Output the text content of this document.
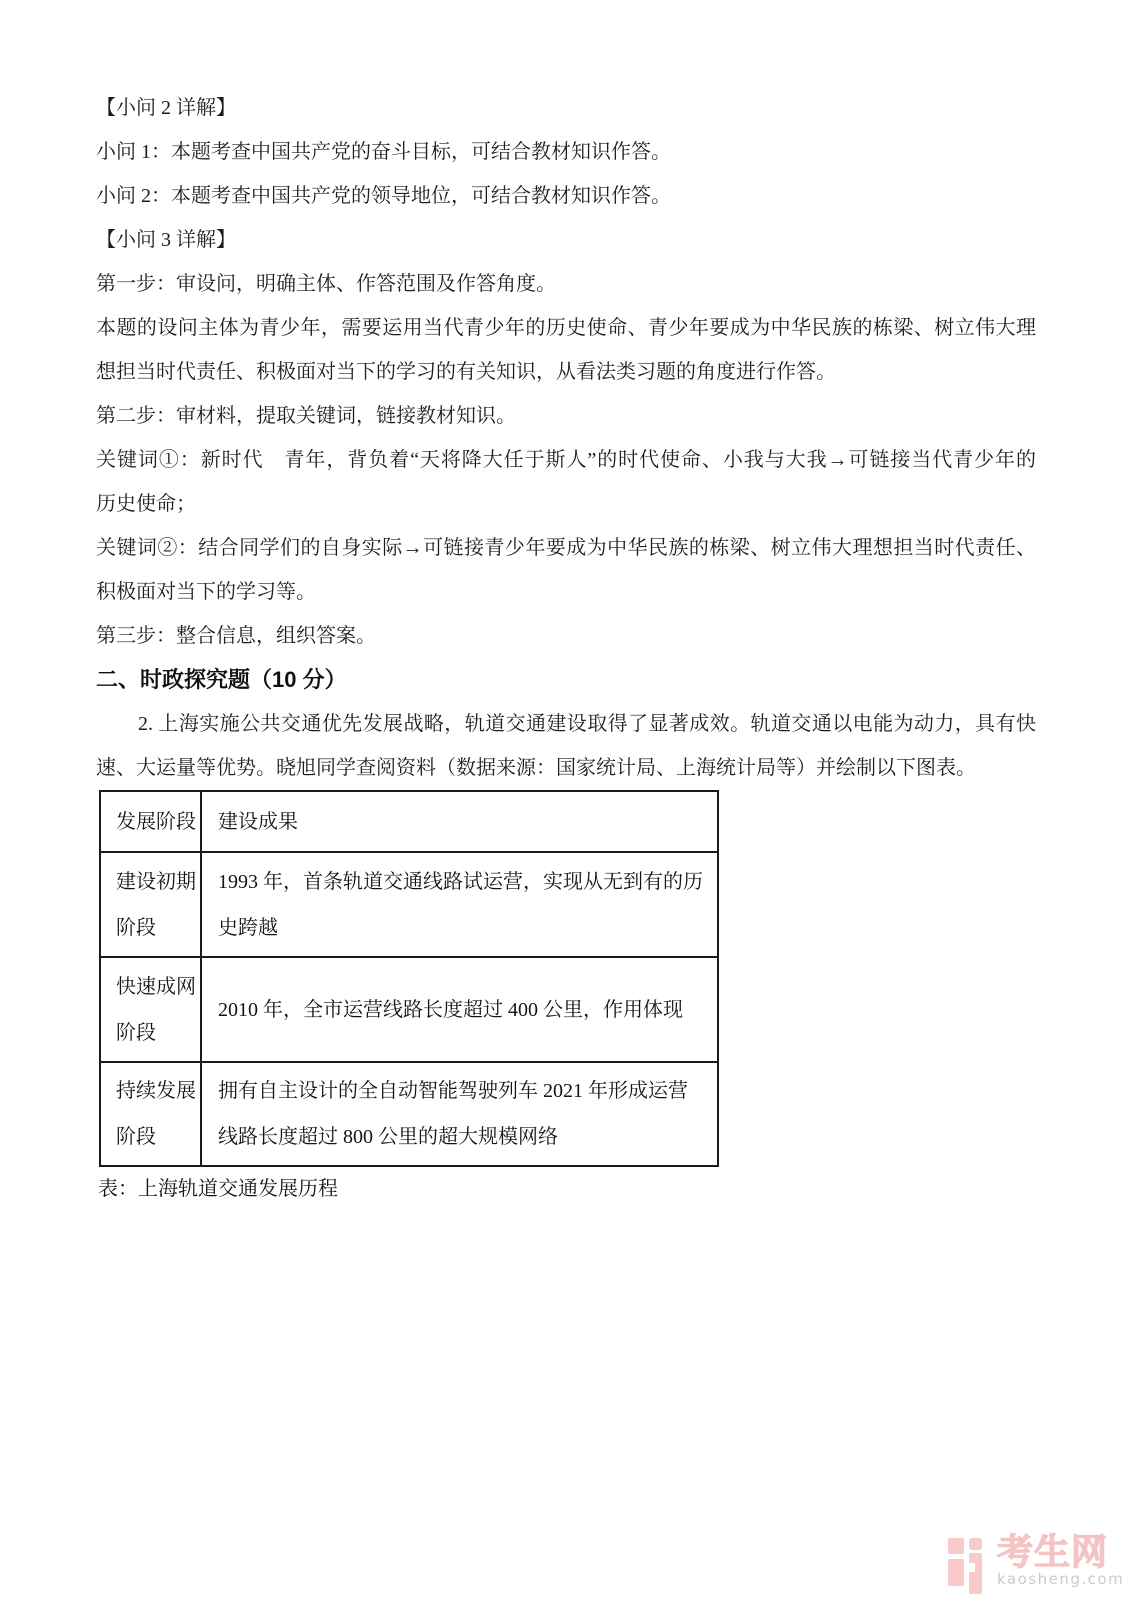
【小问 2 详解】
小问 1：本题考查中国共产党的奋斗目标，可结合教材知识作答。
小问 2：本题考查中国共产党的领导地位，可结合教材知识作答。
【小问 3 详解】
第一步：审设问，明确主体、作答范围及作答角度。
本题的设问主体为青少年，需要运用当代青少年的历史使命、青少年要成为中华民族的栋梁、树立伟大理
想担当时代责任、积极面对当下的学习的有关知识，从看法类习题的角度进行作答。
第二步：审材料，提取关键词，链接教材知识。
关键词①：新时代　青年，背负着“天将降大任于斯人”的时代使命、小我与大我→可链接当代青少年的
历史使命；
关键词②：结合同学们的自身实际→可链接青少年要成为中华民族的栋梁、树立伟大理想担当时代责任、
积极面对当下的学习等。
第三步：整合信息，组织答案。
二、时政探究题（10 分）
2. 上海实施公共交通优先发展战略，轨道交通建设取得了显著成效。轨道交通以电能为动力，具有快
速、大运量等优势。晓旭同学查阅资料（数据来源：国家统计局、上海统计局等）并绘制以下图表。
发展阶段	建设成果
建设初期阶段	1993 年，首条轨道交通线路试运营，实现从无到有的历史跨越
快速成网阶段	2010 年，全市运营线路长度超过 400 公里，作用体现
持续发展阶段	拥有自主设计的全自动智能驾驶列车 2021 年形成运营线路长度超过 800 公里的超大规模网络
表：上海轨道交通发展历程
考生网
kaosheng.com
